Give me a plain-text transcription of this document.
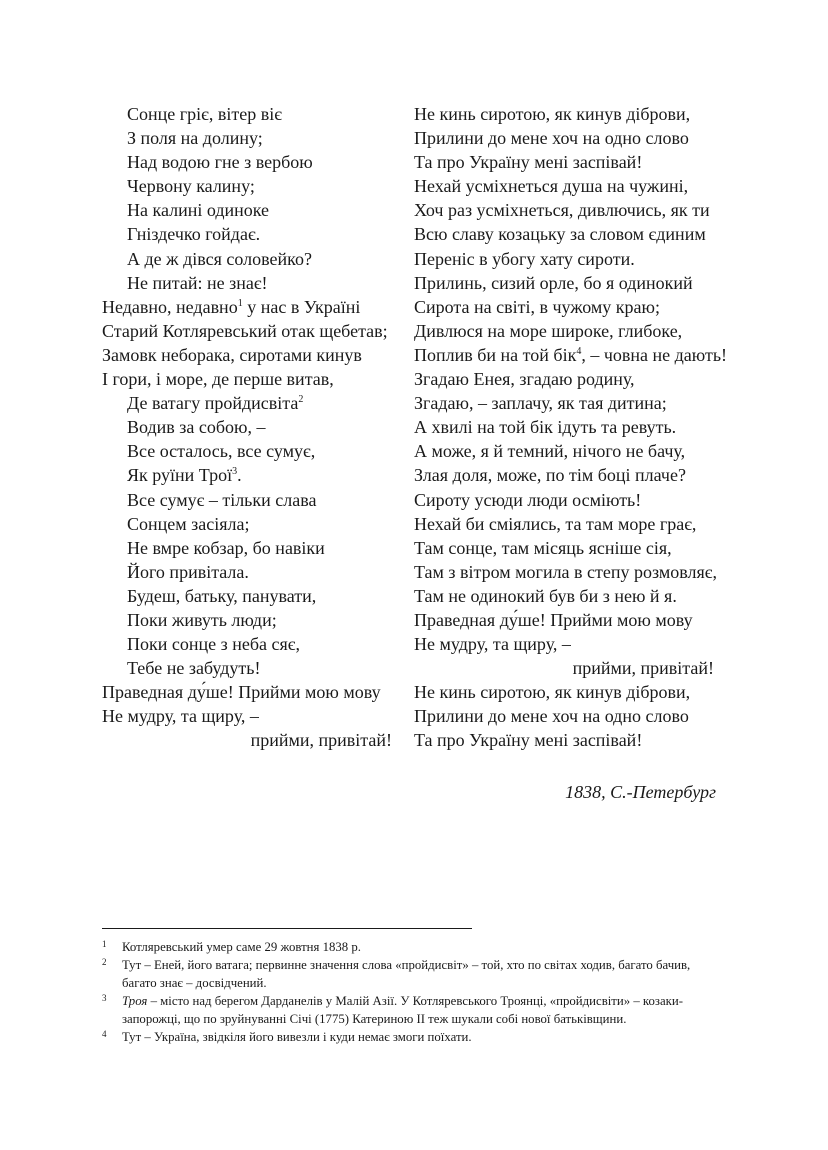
Сонце гріє, вітер віє
З поля на долину;
Над водою гне з вербою
Червону калину;
На калині одиноке
Гніздечко гойдає.
А де ж дівся соловейко?
Не питай: не знає!
Недавно, недавно$^1$ у нас в Україні
Старий Котляревський отак щебетав;
Замовк неборака, сиротами кинув
І гори, і море, де перше витав,
Де ватагу пройдисвіта$^2$
Водив за собою, –
Все осталось, все сумує,
Як руїни Трої$^3$.
Все сумує – тільки слава
Сонцем засіяла;
Не вмре кобзар, бо навіки
Його привітала.
Будеш, батьку, панувати,
Поки живуть люди;
Поки сонце з неба сяє,
Тебе не забудуть!
Праведная ду́ше! Прийми мою мову
Не мудру, та щиру, –
прийми, привітай!
Не кинь сиротою, як кинув діброви,
Прилини до мене хоч на одно слово
Та про Україну мені заспівай!
Нехай усміхнеться душа на чужині,
Хоч раз усміхнеться, дивлючись, як ти
Всю славу козацьку за словом єдиним
Переніс в убогу хату сироти.
Прилинь, сизий орле, бо я одинокий
Сирота на світі, в чужому краю;
Дивлюся на море широке, глибоке,
Поплив би на той бік$^4$, – човна не дають!
Згадаю Енея, згадаю родину,
Згадаю, – заплачу, як тая дитина;
А хвилі на той бік ідуть та ревуть.
А може, я й темний, нічого не бачу,
Злая доля, може, по тім боці плаче?
Сироту усюди люди осміють!
Нехай би сміялись, та там море грає,
Там сонце, там місяць ясніше сія,
Там з вітром могила в степу розмовляє,
Там не одинокий був би з нею й я.
Праведная ду́ше! Прийми мою мову
Не мудру, та щиру, –
прийми, привітай!
Не кинь сиротою, як кинув діброви,
Прилини до мене хоч на одно слово
Та про Україну мені заспівай!
1838, С.-Петербург
1 Котляревський умер саме 29 жовтня 1838 р.
2 Тут – Еней, його ватага; первинне значення слова «пройдисвіт» – той, хто по світах ходив, багато бачив, багато знає – досвідчений.
3 Троя – місто над берегом Дарданелів у Малій Азії. У Котляревського Троянці, «пройдисвіти» – козаки-запорожці, що по зруйнуванні Січі (1775) Катериною ІІ теж шукали собі нової батьківщини.
4 Тут – Україна, звідкіля його вивезли і куди немає змоги поїхати.
